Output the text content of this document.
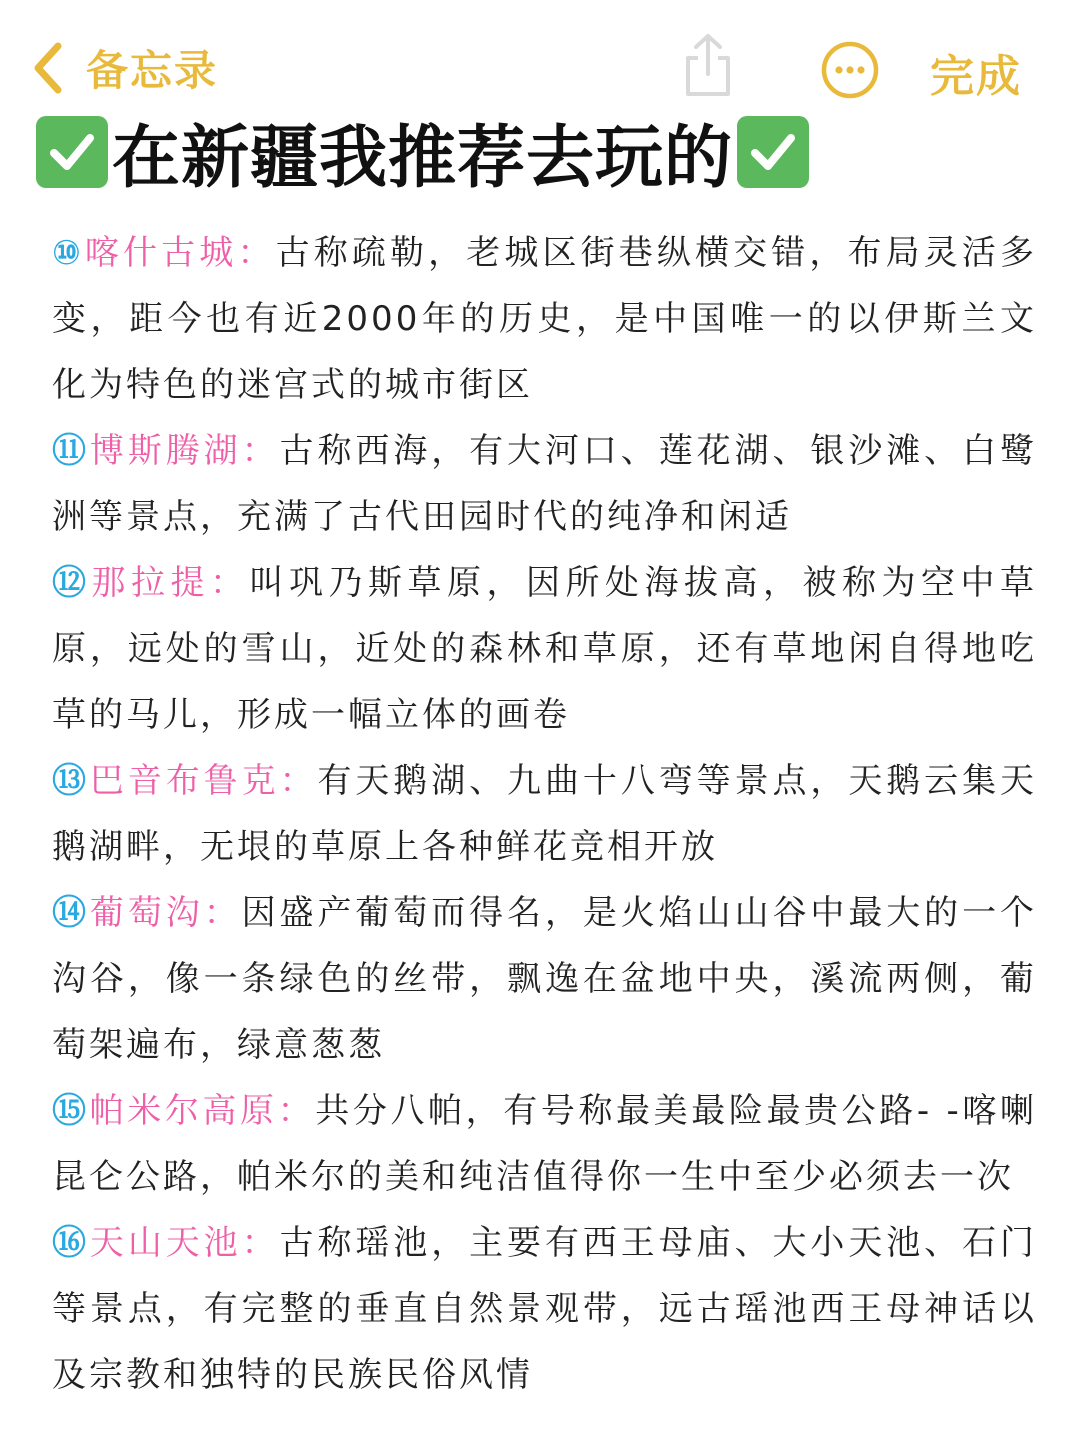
备忘录	完成
在新疆我推荐去玩的

⑩喀什古城：古称疏勒，老城区街巷纵横交错，布局灵活多变，距今也有近2000年的历史，是中国唯一的以伊斯兰文化为特色的迷宫式的城市街区

⑪博斯腾湖：古称西海，有大河口、莲花湖、银沙滩、白鹭洲等景点，充满了古代田园时代的纯净和闲适

⑫那拉提：叫巩乃斯草原，因所处海拔高，被称为空中草原，远处的雪山，近处的森林和草原，还有草地闲自得地吃草的马儿，形成一幅立体的画卷

⑬巴音布鲁克：有天鹅湖、九曲十八弯等景点，天鹅云集天鹅湖畔，无垠的草原上各种鲜花竞相开放

⑭葡萄沟：因盛产葡萄而得名，是火焰山山谷中最大的一个沟谷，像一条绿色的丝带，飘逸在盆地中央，溪流两侧，葡萄架遍布，绿意葱葱

⑮帕米尔高原：共分八帕，有号称最美最险最贵公路- -喀喇昆仑公路，帕米尔的美和纯洁值得你一生中至少必须去一次

⑯天山天池：古称瑶池，主要有西王母庙、大小天池、石门等景点，有完整的垂直自然景观带，远古瑶池西王母神话以及宗教和独特的民族民俗风情
